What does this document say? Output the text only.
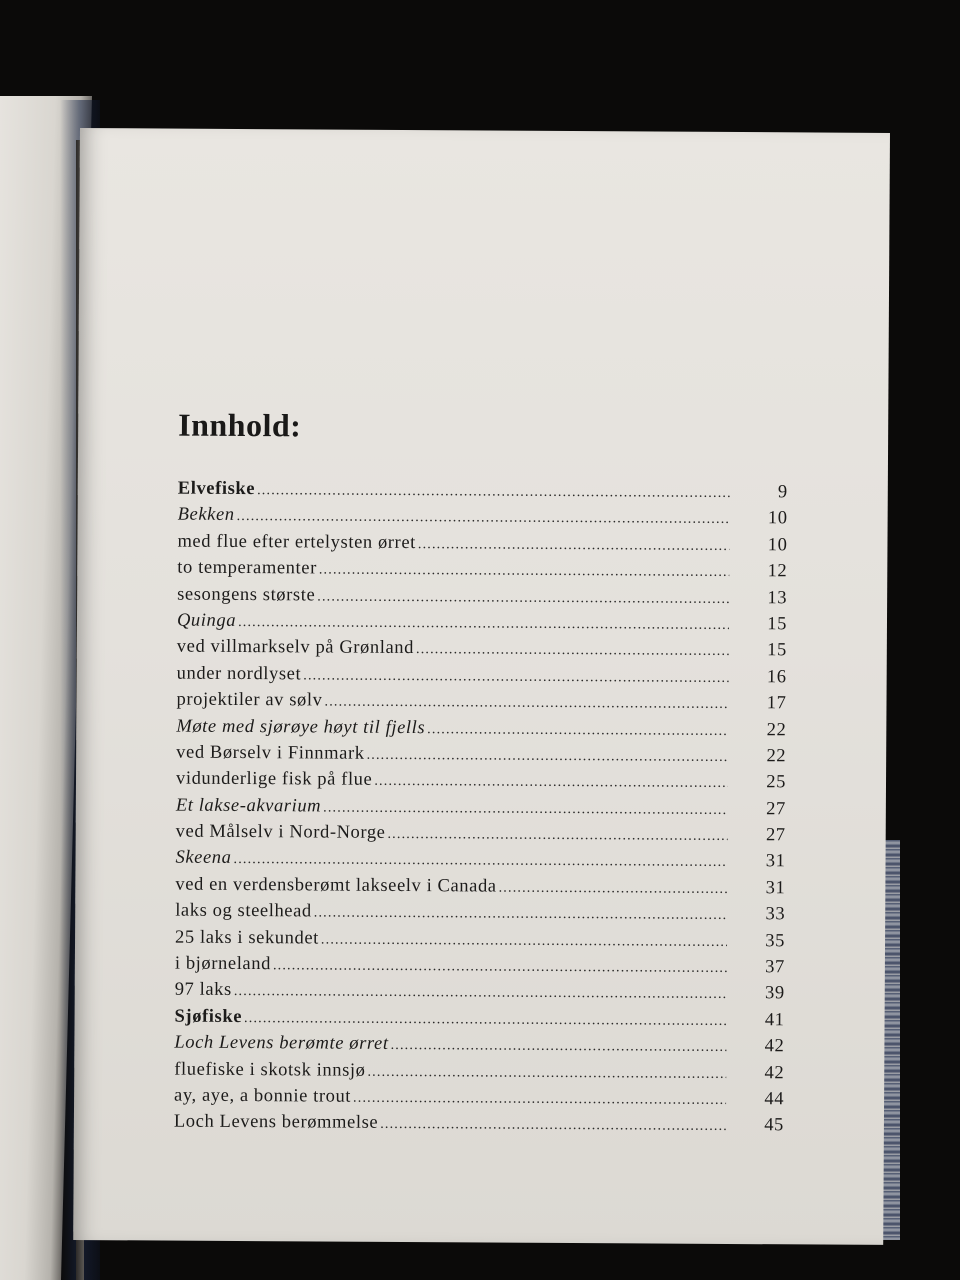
Innhold:
Elvefiske .....	9
Bekken .....	10
med flue efter ertelysten ørret .....	10
to temperamenter .....	12
sesongens største .....	13
Quinga .....	15
ved villmarkselv på Grønland .....	15
under nordlyset .....	16
projektiler av sølv .....	17
Møte med sjørøye høyt til fjells .....	22
ved Børselv i Finnmark .....	22
vidunderlige fisk på flue .....	25
Et lakse-akvarium .....	27
ved Målselv i Nord-Norge .....	27
Skeena .....	31
ved en verdensberømt lakseelv i Canada .....	31
laks og steelhead .....	33
25 laks i sekundet .....	35
i bjørneland .....	37
97 laks .....	39
Sjøfiske .....	41
Loch Levens berømte ørret .....	42
fluefiske i skotsk innsjø .....	42
ay, aye, a bonnie trout .....	44
Loch Levens berømmelse .....	45
